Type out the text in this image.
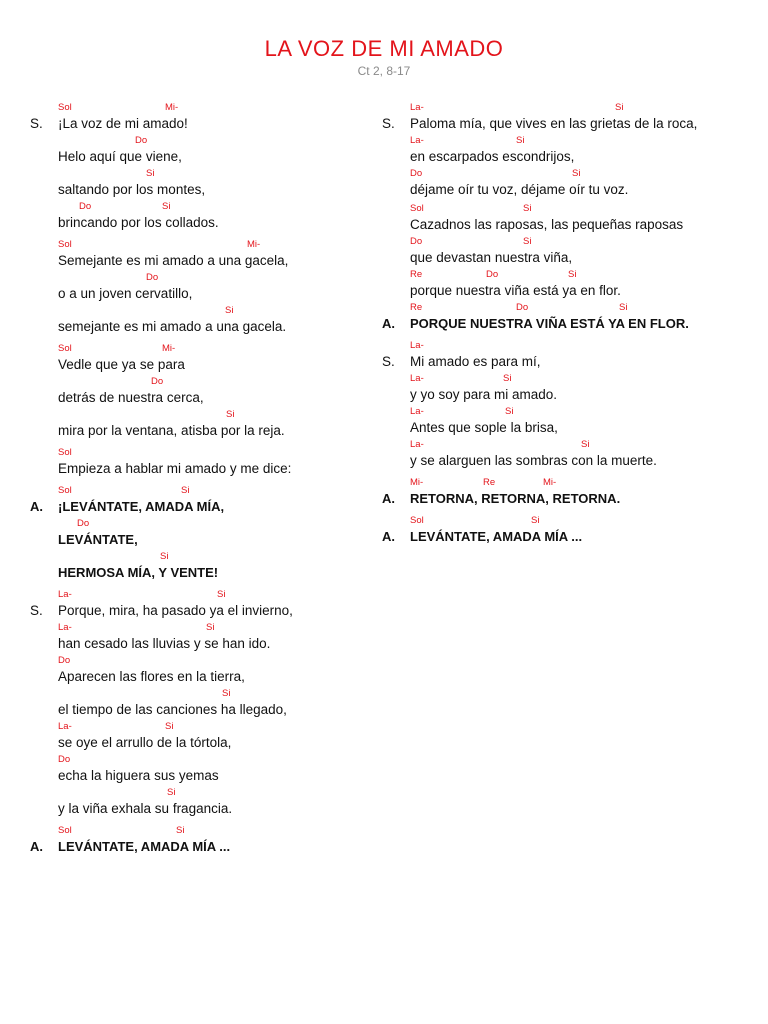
LA VOZ DE MI AMADO
Ct 2, 8-17
Sol	Mi-
S. ¡La voz de mi amado!
Do
Helo aquí que viene,
Si
saltando por los montes,
Do	Si
brincando por los collados.
Sol	Mi-
Semejante es mi amado a una gacela,
Do
o a un joven cervatillo,
Si
semejante es mi amado a una gacela.
Sol	Mi-
Vedle que ya se para
Do
detrás de nuestra cerca,
Si
mira por la ventana, atisba por la reja.
Sol
Empieza a hablar mi amado y me dice:
Sol	Si
A. ¡LEVÁNTATE, AMADA MÍA,
Do
LEVÁNTATE,
Si
HERMOSA MÍA, Y VENTE!
La-	Si
S. Porque, mira, ha pasado ya el invierno,
La-	Si
han cesado las lluvias y se han ido.
Do
Aparecen las flores en la tierra,
Si
el tiempo de las canciones ha llegado,
La-	Si
se oye el arrullo de la tórtola,
Do
echa la higuera sus yemas
Si
y la viña exhala su fragancia.
Sol	Si
A. LEVÁNTATE, AMADA MÍA ...
La-	Si
S. Paloma mía, que vives en las grietas de la roca,
La-	Si
en escarpados escondrijos,
Do	Si
déjame oír tu voz, déjame oír tu voz.
Sol	Si
Cazadnos las raposas, las pequeñas raposas
Do	Si
que devastan nuestra viña,
Re	Do	Si
porque nuestra viña está ya en flor.
Re	Do	Si
A. PORQUE NUESTRA VIÑA ESTÁ YA EN FLOR.
La-
S. Mi amado es para mí,
La-	Si
y yo soy para mi amado.
La-	Si
Antes que sople la brisa,
La-	Si
y se alarguen las sombras con la muerte.
Mi-	Re	Mi-
A. RETORNA, RETORNA, RETORNA.
Sol	Si
A. LEVÁNTATE, AMADA MÍA ...
